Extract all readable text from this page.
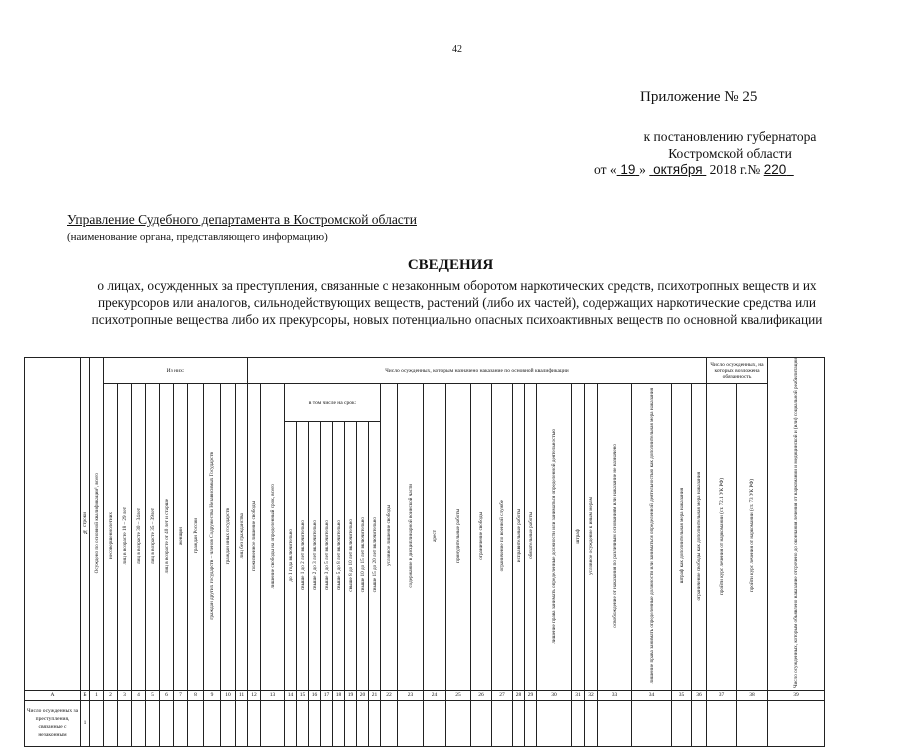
42
Приложение № 25
к постановлению губернатора
Костромской области
от « 19 » октября 2018 г.№ 220
Управление Судебного департамента в Костромской области
(наименование органа, представляющего информацию)
СВЕДЕНИЯ
о лицах, осужденных за преступления, связанные с незаконным оборотом наркотических средств, психотропных веществ и их прекурсоров или аналогов, сильнодействующих веществ, растений (либо их частей), содержащих наркотические средства или психотропные вещества либо их прекурсоры, новых потенциально опасных психоактивных веществ по основной квалификации
	№ строки	Осуждено по основной квалификации¹, всего	Из них:										Число осужденных, которым назначено наказание по основной квалификации																									Число осужденных, на которых возложена обязанность		Число осужденных, которым объявлено наказание отсрочено до окончания лечения от наркомании и медицинской и (или) социальной реабилитации
			несовершеннолетних	лиц в возрасте 18 – 29 лет	лиц в возрасте 30 – 34лет	лиц в возрасте 35 – 39лет	лиц в возрасте от 40 лет и старше	женщин	граждан России	граждан других государств – членов Содружества Независимых Государств	граждан иных государств	лиц без гражданства	пожизненное лишение свободы	лишение свободы на определенный срок, всего	в том числе на срок:								условное лишение свободы	содержание в дисциплинарной воинской части	арест	принудительные работы	ограничение свободы	ограничение по военной службе	исправительные работы	обязательные работы	лишение права занимать определенные должности или заниматься определенной деятельностью	штраф	условное осуждение к иным мерам	освобождение от наказания по различным основаниям или наказание не назначено	лишение права занимать определенные должности или заниматься определенной деятельностью как дополнительная мера наказания	штраф как дополнительная мера наказания	ограничение свободы как дополнительная мера наказания	пройти курс лечения от наркомании (ст. 72.1 УК РФ)	пройти курс лечения от наркомании (ст. 73 УК РФ)	
															до 1 года включительно	свыше 1 до 2 лет включительно	свыше 2 до 3 лет включительно	свыше 3 до 5 лет включительно	свыше 5 до 8 лет включительно	свыше 8 до 10 лет включительно	свыше 10 до 15 лет включительно	свыше 15 до 20 лет включительно																		
А	Б	1	2	3	4	5	6	7	8	9	10	11	12	13	14	15	16	17	18	19	20	21	22	23	24	25	26	27	28	29	30	31	32	33	34	35	36	37	38	39
Число осужденных за преступления, связанные с незаконным	1																																							
